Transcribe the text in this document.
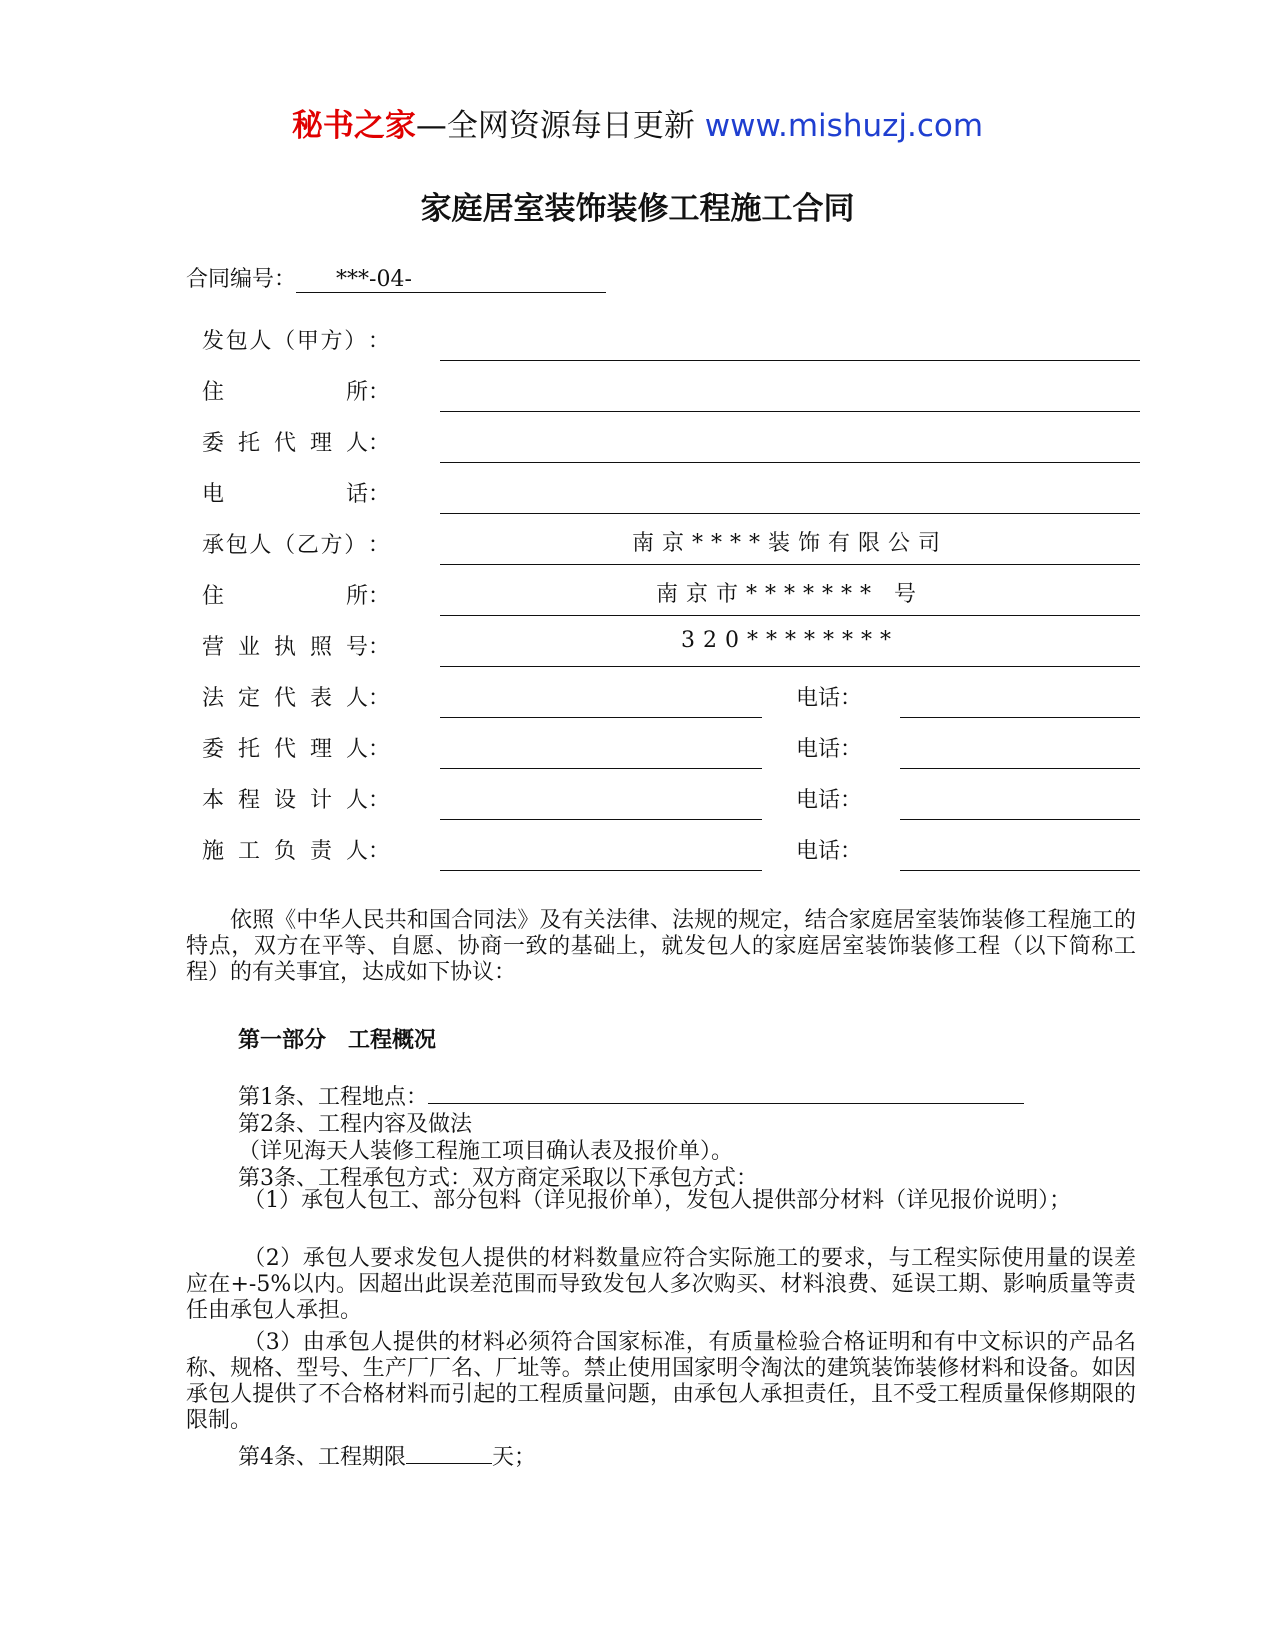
秘书之家—全网资源每日更新 www.mishuzj.com
家庭居室装饰装修工程施工合同
合同编号： ***-04-
发 包 人 （ 甲 方 ） ：
住	所：
委 托 代 理 人：
电	话：
承 包 人 （ 乙 方 ） ：	南京****装饰有限公司
住	所：	南京市******* 号
营 业 执 照 号：	320********
法 定 代 表 人：	电话：
委 托 代 理 人：	电话：
本 程 设 计 人：	电话：
施 工 负 责 人：	电话：
依照《中华人民共和国合同法》及有关法律、法规的规定，结合家庭居室装饰装修工程施工的特点，双方在平等、自愿、协商一致的基础上，就发包人的家庭居室装饰装修工程（以下简称工程）的有关事宜，达成如下协议：
第一部分　工程概况
第1条、工程地点：
第2条、工程内容及做法
（详见海天人装修工程施工项目确认表及报价单）。
第3条、工程承包方式：双方商定采取以下承包方式：
（1）承包人包工、部分包料（详见报价单），发包人提供部分材料（详见报价说明）；
（2）承包人要求发包人提供的材料数量应符合实际施工的要求，与工程实际使用量的误差应在+-5%以内。因超出此误差范围而导致发包人多次购买、材料浪费、延误工期、影响质量等责任由承包人承担。
（3）由承包人提供的材料必须符合国家标准，有质量检验合格证明和有中文标识的产品名称、规格、型号、生产厂厂名、厂址等。禁止使用国家明令淘汰的建筑装饰装修材料和设备。如因承包人提供了不合格材料而引起的工程质量问题，由承包人承担责任，且不受工程质量保修期限的限制。
第4条、工程期限	天；
